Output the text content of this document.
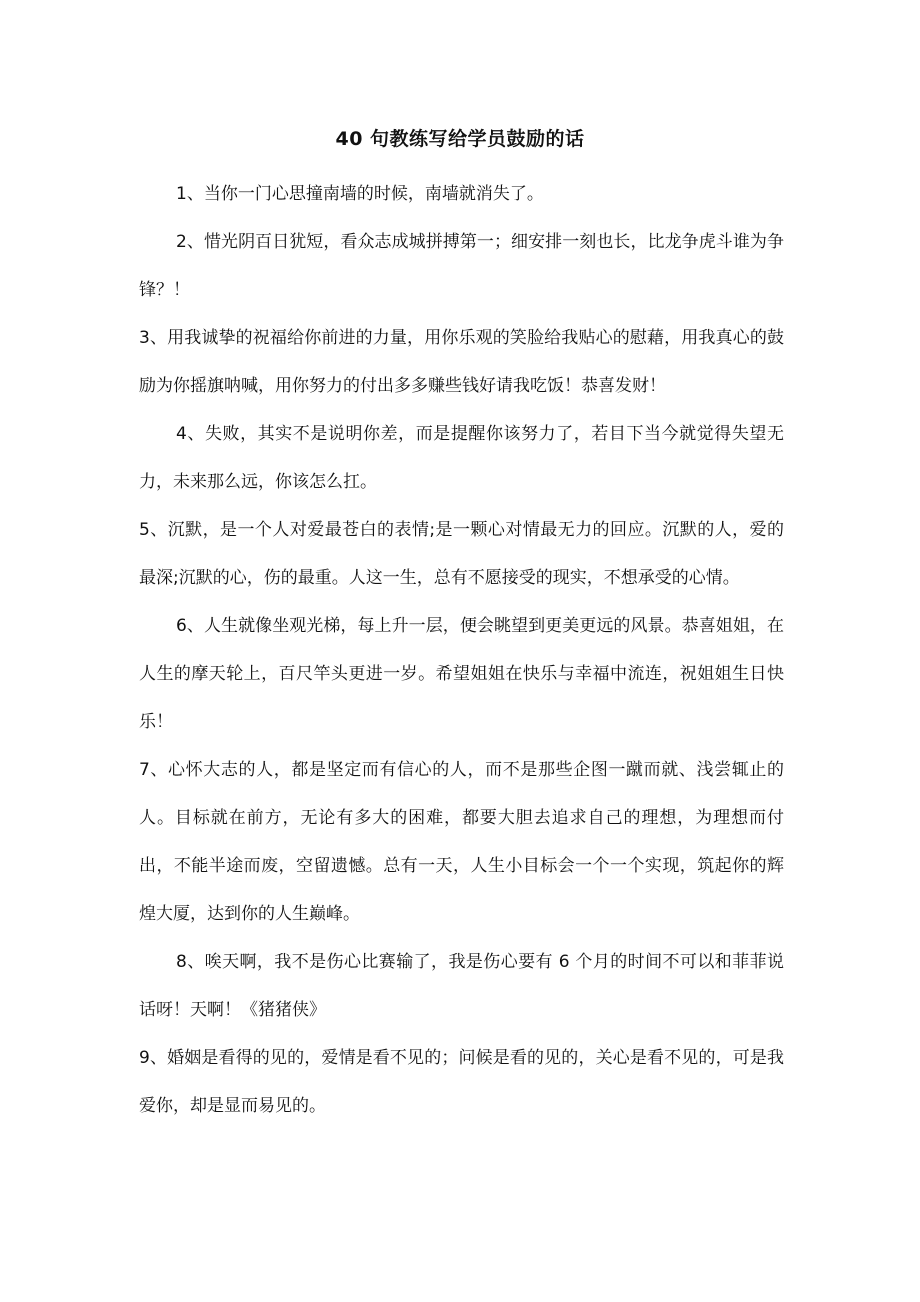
40 句教练写给学员鼓励的话

1、当你一门心思撞南墙的时候，南墙就消失了。

2、惜光阴百日犹短，看众志成城拼搏第一；细安排一刻也长，比龙争虎斗谁为争锋？！

3、用我诚挚的祝福给你前进的力量，用你乐观的笑脸给我贴心的慰藉，用我真心的鼓励为你摇旗呐喊，用你努力的付出多多赚些钱好请我吃饭！恭喜发财！

4、失败，其实不是说明你差，而是提醒你该努力了，若目下当今就觉得失望无力，未来那么远，你该怎么扛。

5、沉默，是一个人对爱最苍白的表情;是一颗心对情最无力的回应。沉默的人，爱的最深;沉默的心，伤的最重。人这一生，总有不愿接受的现实，不想承受的心情。

6、人生就像坐观光梯，每上升一层，便会眺望到更美更远的风景。恭喜姐姐，在人生的摩天轮上，百尺竿头更进一岁。希望姐姐在快乐与幸福中流连，祝姐姐生日快乐！

7、心怀大志的人，都是坚定而有信心的人，而不是那些企图一蹴而就、浅尝辄止的人。目标就在前方，无论有多大的困难，都要大胆去追求自己的理想，为理想而付出，不能半途而废，空留遗憾。总有一天，人生小目标会一个一个实现，筑起你的辉煌大厦，达到你的人生巅峰。

8、唉天啊，我不是伤心比赛输了，我是伤心要有 6 个月的时间不可以和菲菲说话呀！天啊！《猪猪侠》

9、婚姻是看得的见的，爱情是看不见的；问候是看的见的，关心是看不见的，可是我爱你，却是显而易见的。
